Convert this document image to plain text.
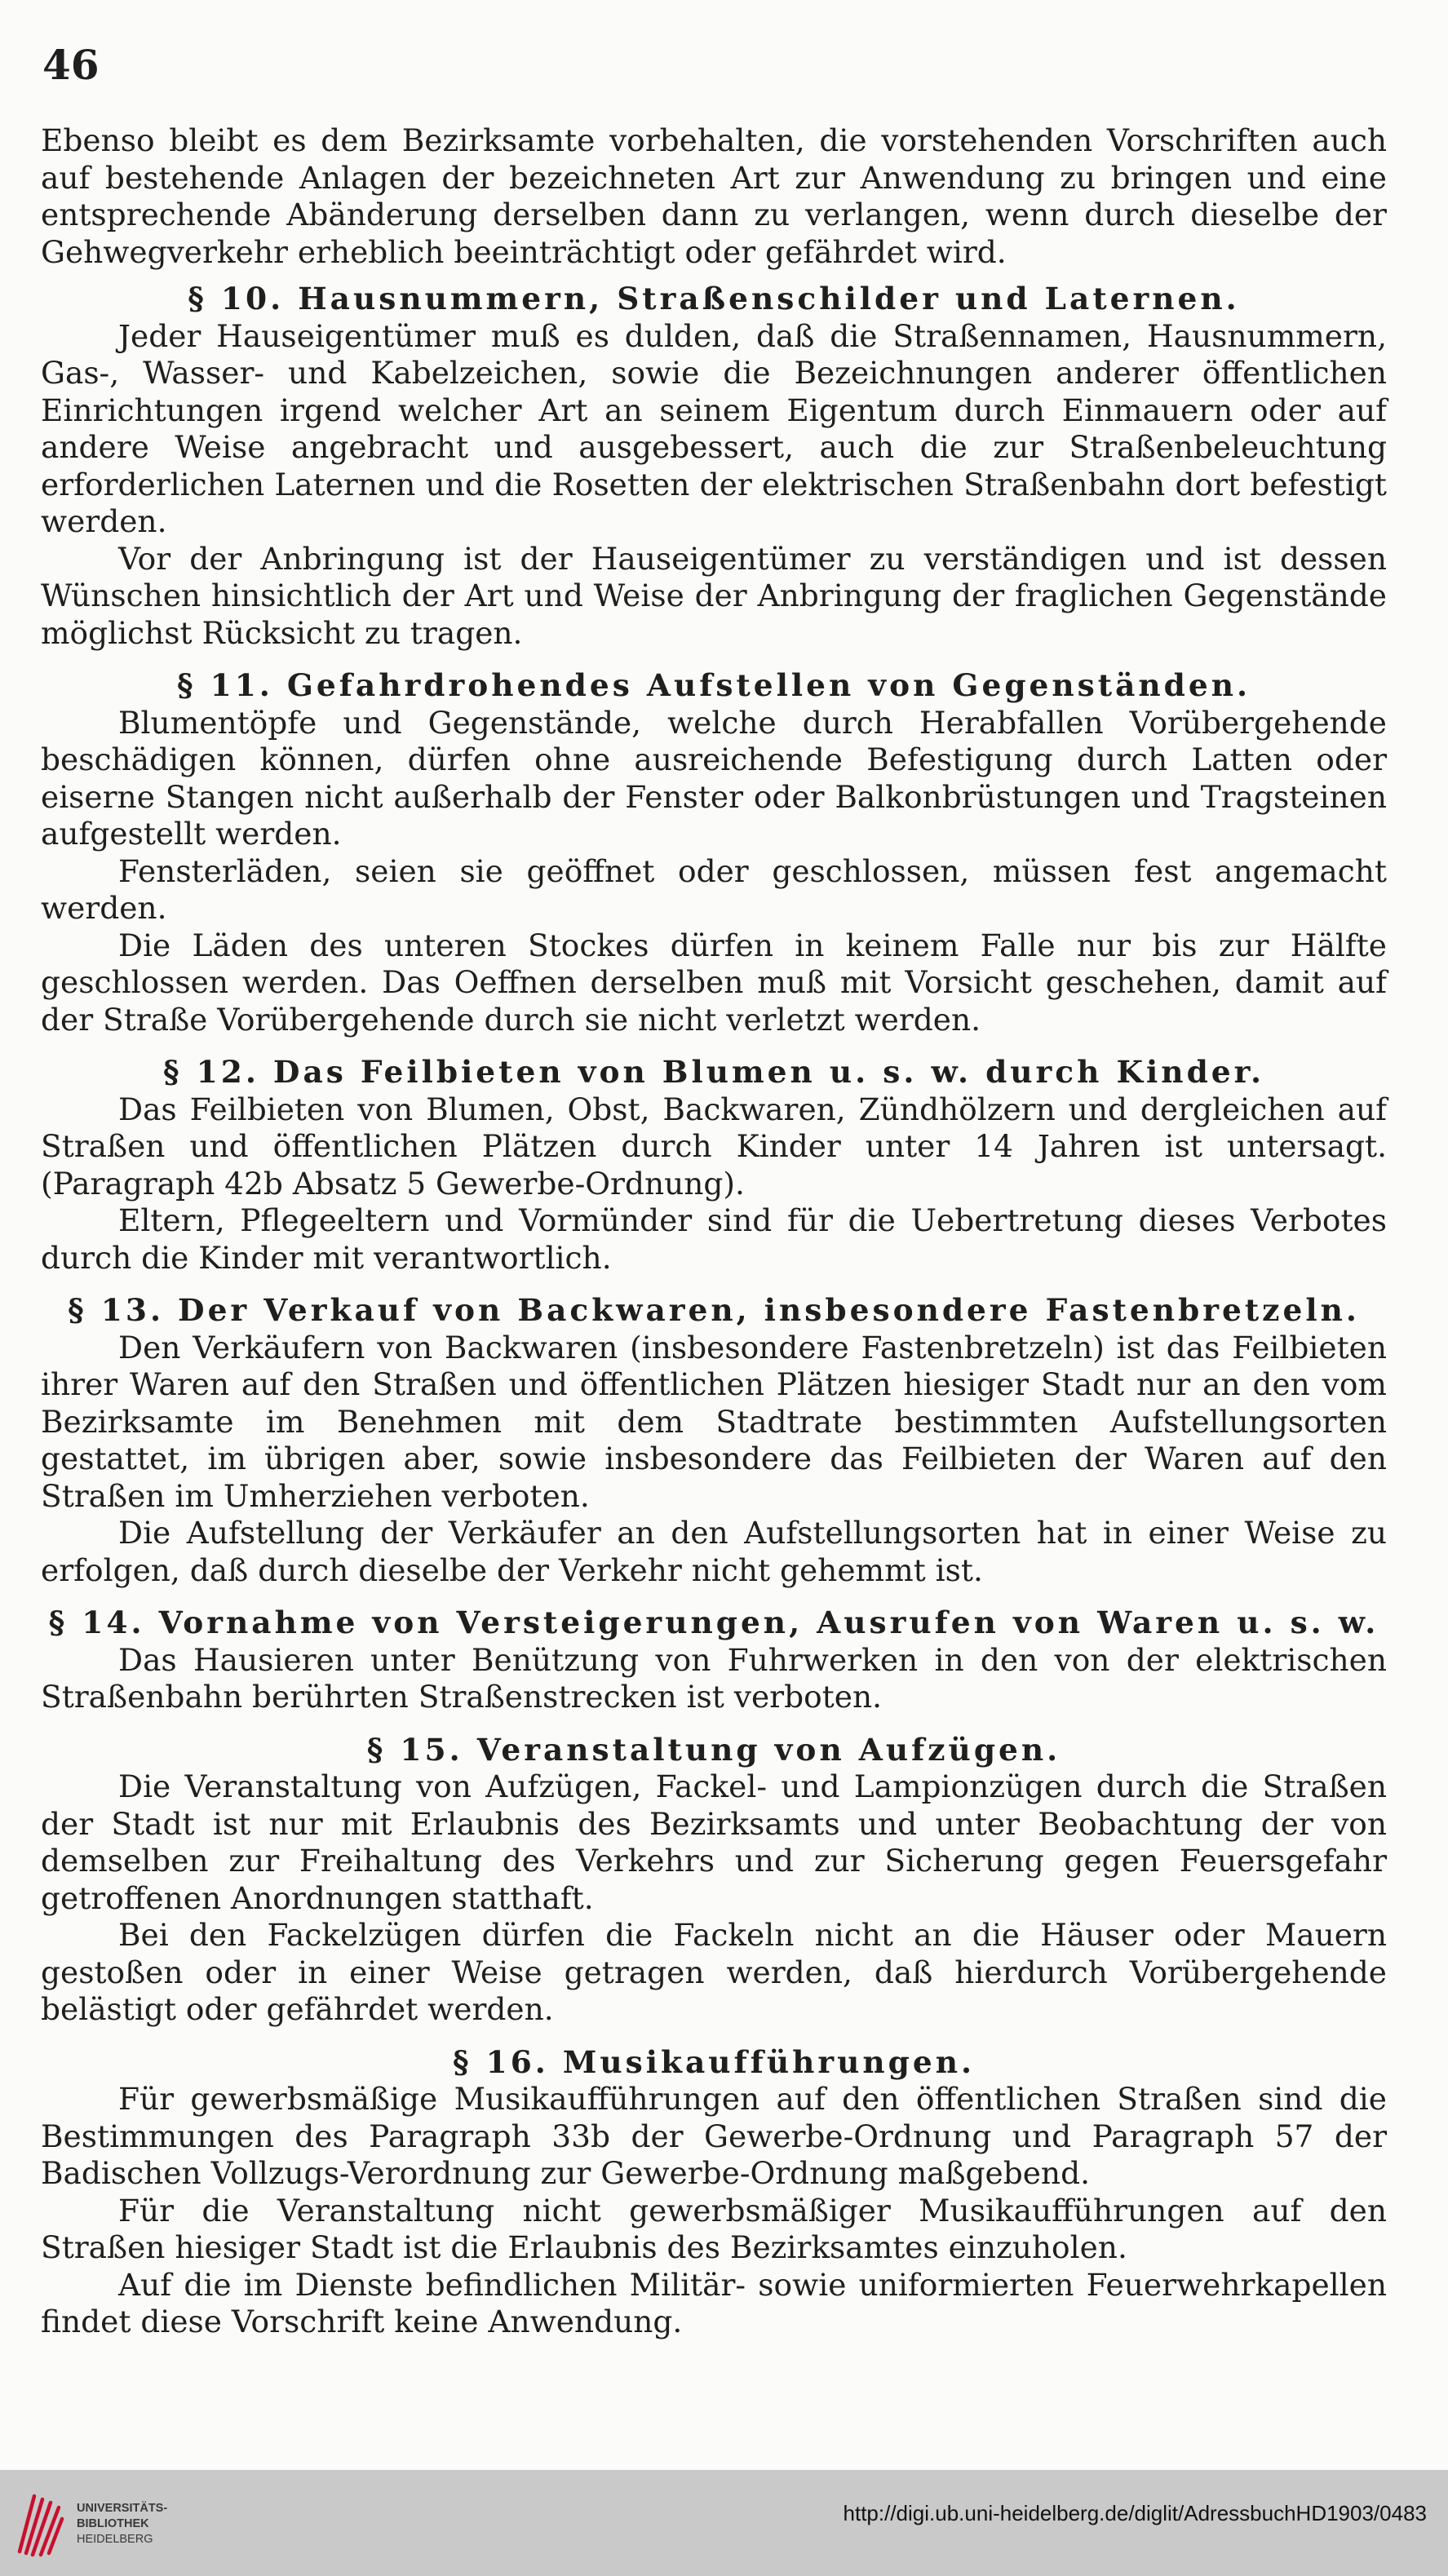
46

Ebenso bleibt es dem Bezirksamte vorbehalten, die vorstehenden Vorschriften auch auf bestehende Anlagen der bezeichneten Art zur Anwendung zu bringen und eine entsprechende Abänderung derselben dann zu verlangen, wenn durch dieselbe der Gehwegverkehr erheblich beeinträchtigt oder gefährdet wird.

§ 10. Hausnummern, Straßenschilder und Laternen.

Jeder Hauseigentümer muß es dulden, daß die Straßennamen, Hausnummern, Gas-, Wasser- und Kabelzeichen, sowie die Bezeichnungen anderer öffentlichen Einrichtungen irgend welcher Art an seinem Eigentum durch Einmauern oder auf andere Weise angebracht und ausgebessert, auch die zur Straßenbeleuchtung erforderlichen Laternen und die Rosetten der elektrischen Straßenbahn dort befestigt werden.

Vor der Anbringung ist der Hauseigentümer zu verständigen und ist dessen Wünschen hinsichtlich der Art und Weise der Anbringung der fraglichen Gegenstände möglichst Rücksicht zu tragen.

§ 11. Gefahrdrohendes Aufstellen von Gegenständen.

Blumentöpfe und Gegenstände, welche durch Herabfallen Vorübergehende beschädigen können, dürfen ohne ausreichende Befestigung durch Latten oder eiserne Stangen nicht außerhalb der Fenster oder Balkonbrüstungen und Tragsteinen aufgestellt werden.

Fensterläden, seien sie geöffnet oder geschlossen, müssen fest angemacht werden.

Die Läden des unteren Stockes dürfen in keinem Falle nur bis zur Hälfte geschlossen werden. Das Oeffnen derselben muß mit Vorsicht geschehen, damit auf der Straße Vorübergehende durch sie nicht verletzt werden.

§ 12. Das Feilbieten von Blumen u. s. w. durch Kinder.

Das Feilbieten von Blumen, Obst, Backwaren, Zündhölzern und dergleichen auf Straßen und öffentlichen Plätzen durch Kinder unter 14 Jahren ist untersagt. (Paragraph 42b Absatz 5 Gewerbe-Ordnung).

Eltern, Pflegeeltern und Vormünder sind für die Uebertretung dieses Verbotes durch die Kinder mit verantwortlich.

§ 13. Der Verkauf von Backwaren, insbesondere Fastenbretzeln.

Den Verkäufern von Backwaren (insbesondere Fastenbretzeln) ist das Feilbieten ihrer Waren auf den Straßen und öffentlichen Plätzen hiesiger Stadt nur an den vom Bezirksamte im Benehmen mit dem Stadtrate bestimmten Aufstellungsorten gestattet, im übrigen aber, sowie insbesondere das Feilbieten der Waren auf den Straßen im Umherziehen verboten.

Die Aufstellung der Verkäufer an den Aufstellungsorten hat in einer Weise zu erfolgen, daß durch dieselbe der Verkehr nicht gehemmt ist.

§ 14. Vornahme von Versteigerungen, Ausrufen von Waren u. s. w.

Das Hausieren unter Benützung von Fuhrwerken in den von der elektrischen Straßenbahn berührten Straßenstrecken ist verboten.

§ 15. Veranstaltung von Aufzügen.

Die Veranstaltung von Aufzügen, Fackel- und Lampionzügen durch die Straßen der Stadt ist nur mit Erlaubnis des Bezirksamts und unter Beobachtung der von demselben zur Freihaltung des Verkehrs und zur Sicherung gegen Feuersgefahr getroffenen Anordnungen statthaft.

Bei den Fackelzügen dürfen die Fackeln nicht an die Häuser oder Mauern gestoßen oder in einer Weise getragen werden, daß hierdurch Vorübergehende belästigt oder gefährdet werden.

§ 16. Musikaufführungen.

Für gewerbsmäßige Musikaufführungen auf den öffentlichen Straßen sind die Bestimmungen des Paragraph 33b der Gewerbe-Ordnung und Paragraph 57 der Badischen Vollzugs-Verordnung zur Gewerbe-Ordnung maßgebend.

Für die Veranstaltung nicht gewerbsmäßiger Musikaufführungen auf den Straßen hiesiger Stadt ist die Erlaubnis des Bezirksamtes einzuholen.

Auf die im Dienste befindlichen Militär- sowie uniformierten Feuerwehrkapellen findet diese Vorschrift keine Anwendung.

UNIVERSITÄTS-
BIBLIOTHEK
HEIDELBERG
http://digi.ub.uni-heidelberg.de/diglit/AdressbuchHD1903/0483
